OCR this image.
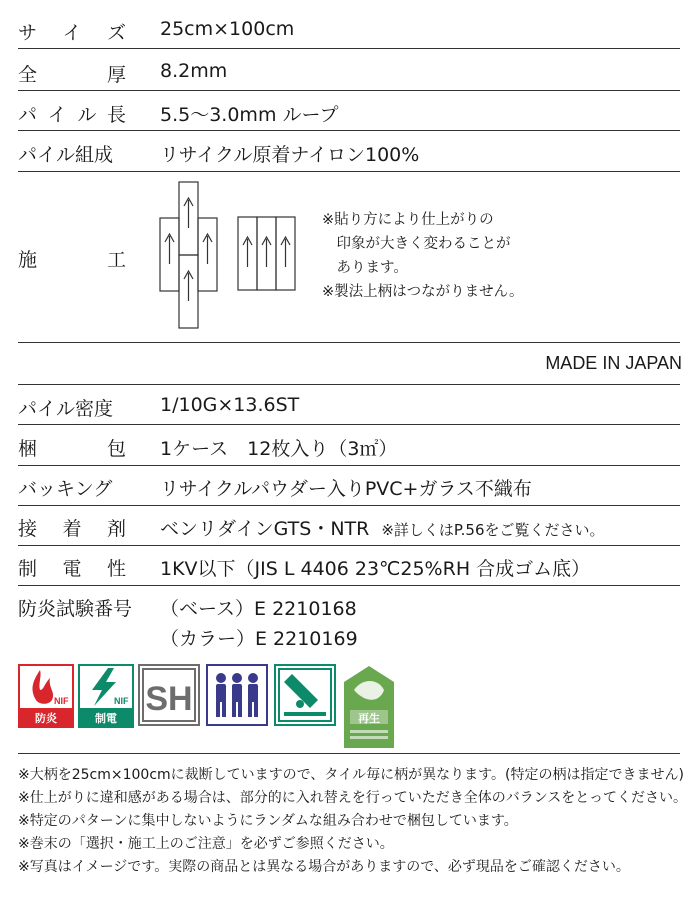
サ イ ズ 25cm×100cm
全	厚 8.2mm
パ イ ル 長 5.5～3.0mm ループ
パイル組成 リサイクル原着ナイロン100%
施	工
※貼り方により仕上がりの
　印象が大きく変わることが
　あります。
※製法上柄はつながりません。
MADE IN JAPAN
パイル密度 1/10G×13.6ST
梱	包 1ケース　12枚入り（3㎡）
バッキング	リサイクルパウダー入りPVC+ガラス不織布
接 着 剤 ベンリダインGTS・NTR ※詳しくはP.56をご覧ください。
制 電 性 1KV以下（JIS L 4406 23℃25%RH 合成ゴム底）
防炎試験番号 （ベース）E 2210168
（カラー）E 2210169
NIF
防炎
NIF
制電
SH
再生
※大柄を25cm×100cmに裁断していますので、タイル毎に柄が異なります。(特定の柄は指定できません)
※仕上がりに違和感がある場合は、部分的に入れ替えを行っていただき全体のバランスをとってください。
※特定のパターンに集中しないようにランダムな組み合わせで梱包しています。
※巻末の「選択・施工上のご注意」を必ずご参照ください。
※写真はイメージです。実際の商品とは異なる場合がありますので、必ず現品をご確認ください。
